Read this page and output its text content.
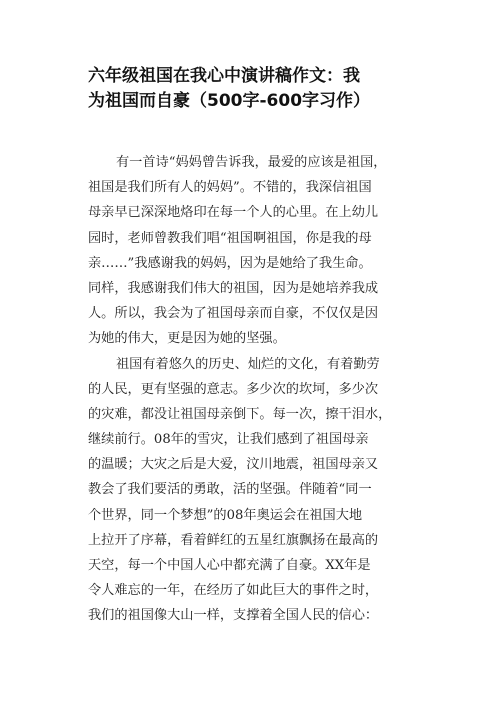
六年级祖国在我心中演讲稿作文：我
为祖国而自豪（500字-600字习作）
有一首诗“妈妈曾告诉我，最爱的应该是祖国，
祖国是我们所有人的妈妈”。不错的，我深信祖国
母亲早已深深地烙印在每一个人的心里。在上幼儿
园时，老师曾教我们唱“祖国啊祖国，你是我的母
亲……”我感谢我的妈妈，因为是她给了我生命。
同样，我感谢我们伟大的祖国，因为是她培养我成
人。所以，我会为了祖国母亲而自豪，不仅仅是因
为她的伟大，更是因为她的坚强。
祖国有着悠久的历史、灿烂的文化，有着勤劳
的人民，更有坚强的意志。多少次的坎坷，多少次
的灾难，都没让祖国母亲倒下。每一次，擦干泪水，
继续前行。08年的雪灾，让我们感到了祖国母亲
的温暖；大灾之后是大爱，汶川地震，祖国母亲又
教会了我们要活的勇敢，活的坚强。伴随着“同一
个世界，同一个梦想”的08年奥运会在祖国大地
上拉开了序幕，看着鲜红的五星红旗飘扬在最高的
天空，每一个中国人心中都充满了自豪。XX年是
令人难忘的一年，在经历了如此巨大的事件之时，
我们的祖国像大山一样，支撑着全国人民的信心：
